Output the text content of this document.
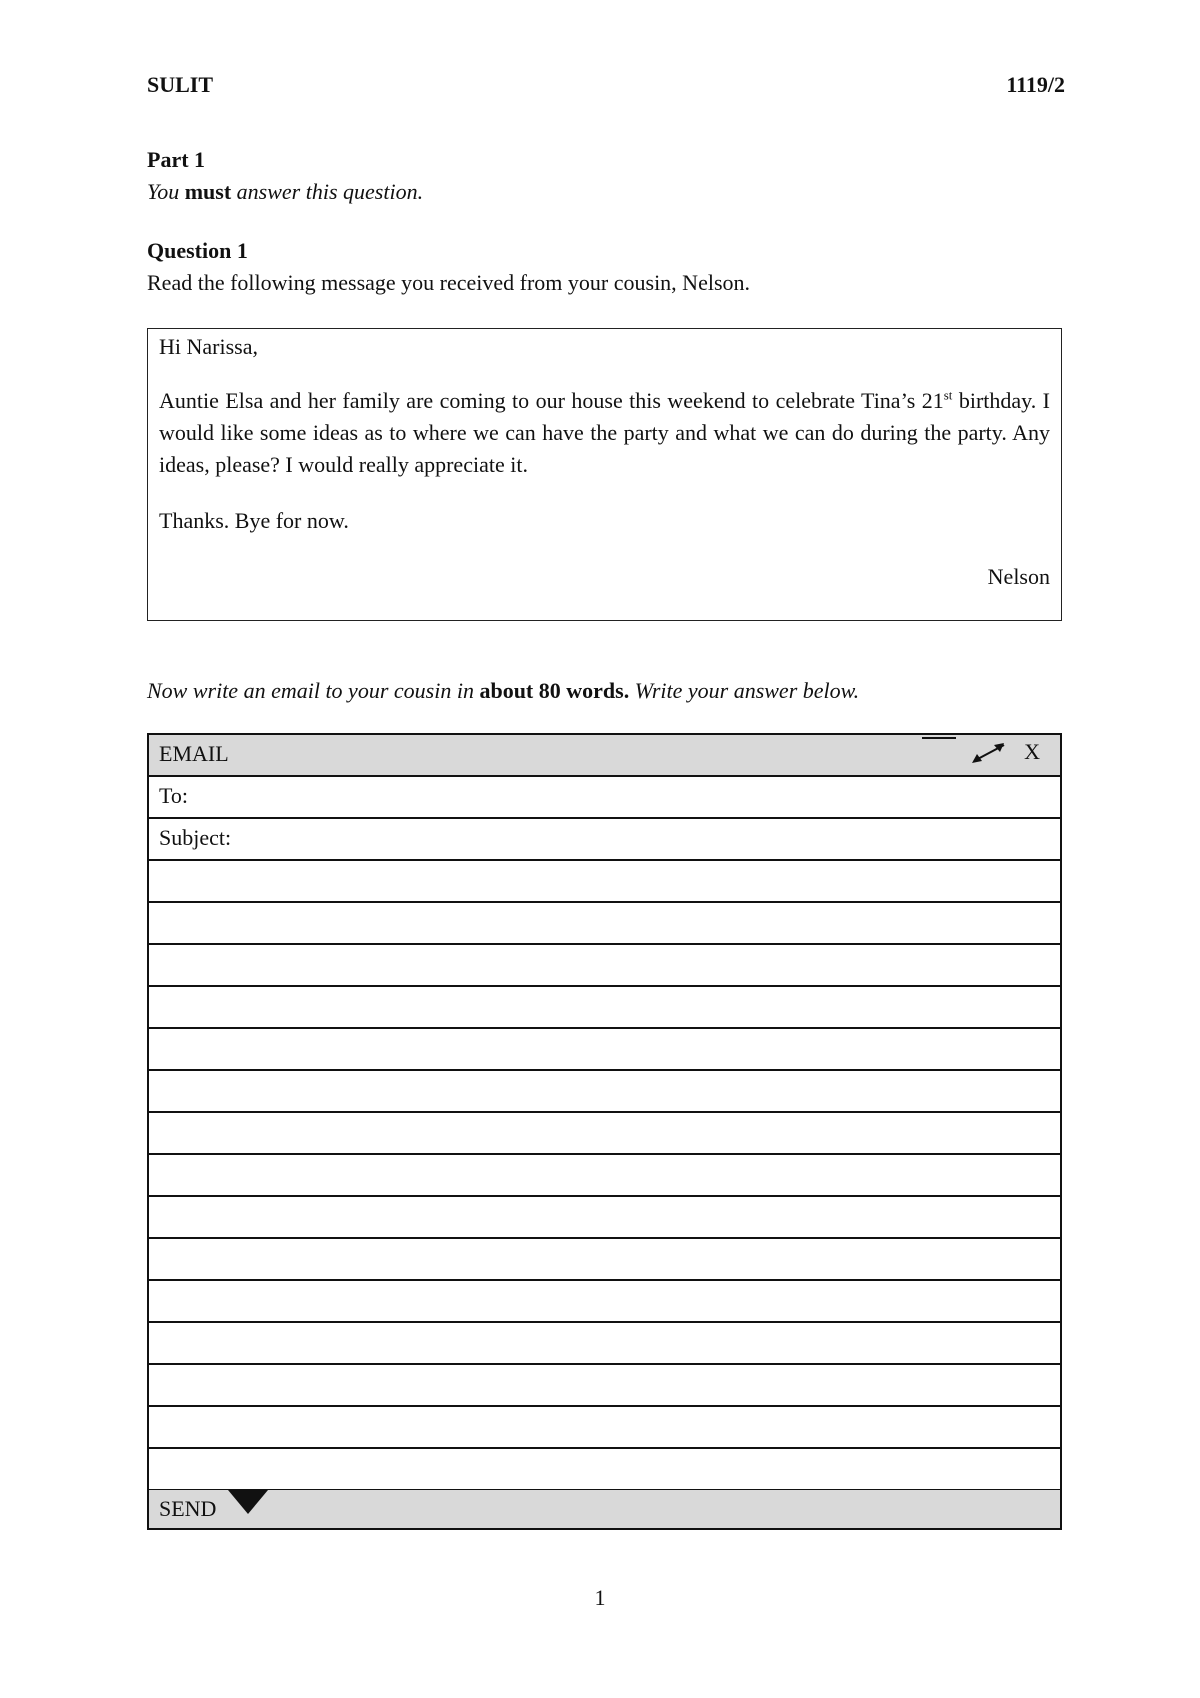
SULIT	1119/2
Part 1
You must answer this question.
Question 1
Read the following message you received from your cousin, Nelson.
Hi Narissa,
Auntie Elsa and her family are coming to our house this weekend to celebrate Tina’s 21st birthday. I would like some ideas as to where we can have the party and what we can do during the party. Any ideas, please? I would really appreciate it.
Thanks. Bye for now.
Nelson
Now write an email to your cousin in about 80 words. Write your answer below.
EMAIL	X
To:
Subject:
SEND
1
